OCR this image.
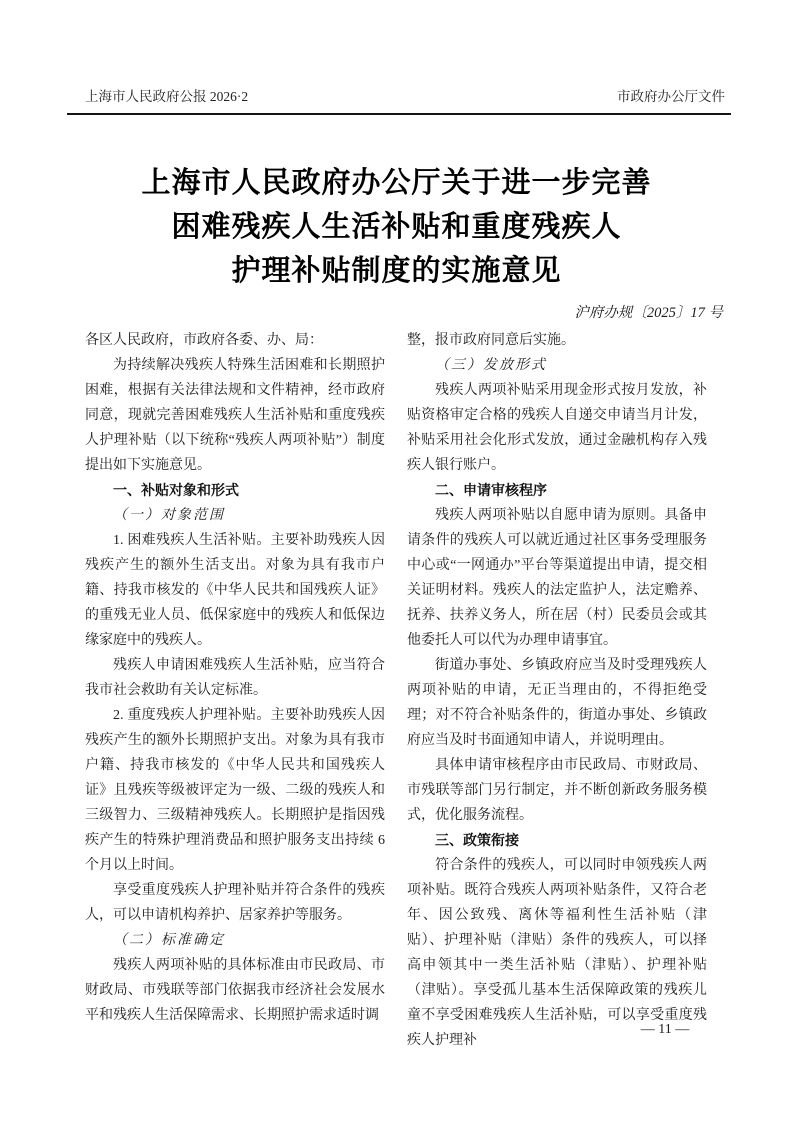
上海市人民政府公报 2026·2	市政府办公厅文件
上海市人民政府办公厅关于进一步完善
困难残疾人生活补贴和重度残疾人
护理补贴制度的实施意见
沪府办规〔2025〕17 号

各区人民政府，市政府各委、办、局：

为持续解决残疾人特殊生活困难和长期照护困难，根据有关法律法规和文件精神，经市政府同意，现就完善困难残疾人生活补贴和重度残疾人护理补贴（以下统称“残疾人两项补贴”）制度提出如下实施意见。

一、补贴对象和形式

（一）对象范围

1. 困难残疾人生活补贴。主要补助残疾人因残疾产生的额外生活支出。对象为具有我市户籍、持我市核发的《中华人民共和国残疾人证》的重残无业人员、低保家庭中的残疾人和低保边缘家庭中的残疾人。

残疾人申请困难残疾人生活补贴，应当符合我市社会救助有关认定标准。

2. 重度残疾人护理补贴。主要补助残疾人因残疾产生的额外长期照护支出。对象为具有我市户籍、持我市核发的《中华人民共和国残疾人证》且残疾等级被评定为一级、二级的残疾人和三级智力、三级精神残疾人。长期照护是指因残疾产生的特殊护理消费品和照护服务支出持续 6 个月以上时间。

享受重度残疾人护理补贴并符合条件的残疾人，可以申请机构养护、居家养护等服务。

（二）标准确定

残疾人两项补贴的具体标准由市民政局、市财政局、市残联等部门依据我市经济社会发展水平和残疾人生活保障需求、长期照护需求适时调

整，报市政府同意后实施。

（三）发放形式

残疾人两项补贴采用现金形式按月发放，补贴资格审定合格的残疾人自递交申请当月计发，补贴采用社会化形式发放，通过金融机构存入残疾人银行账户。

二、申请审核程序

残疾人两项补贴以自愿申请为原则。具备申请条件的残疾人可以就近通过社区事务受理服务中心或“一网通办”平台等渠道提出申请，提交相关证明材料。残疾人的法定监护人，法定赡养、抚养、扶养义务人，所在居（村）民委员会或其他委托人可以代为办理申请事宜。

街道办事处、乡镇政府应当及时受理残疾人两项补贴的申请，无正当理由的，不得拒绝受理；对不符合补贴条件的，街道办事处、乡镇政府应当及时书面通知申请人，并说明理由。

具体申请审核程序由市民政局、市财政局、市残联等部门另行制定，并不断创新政务服务模式，优化服务流程。

三、政策衔接

符合条件的残疾人，可以同时申领残疾人两项补贴。既符合残疾人两项补贴条件，又符合老年、因公致残、离休等福利性生活补贴（津贴）、护理补贴（津贴）条件的残疾人，可以择高申领其中一类生活补贴（津贴）、护理补贴（津贴）。享受孤儿基本生活保障政策的残疾儿童不享受困难残疾人生活补贴，可以享受重度残疾人护理补

— 11 —
